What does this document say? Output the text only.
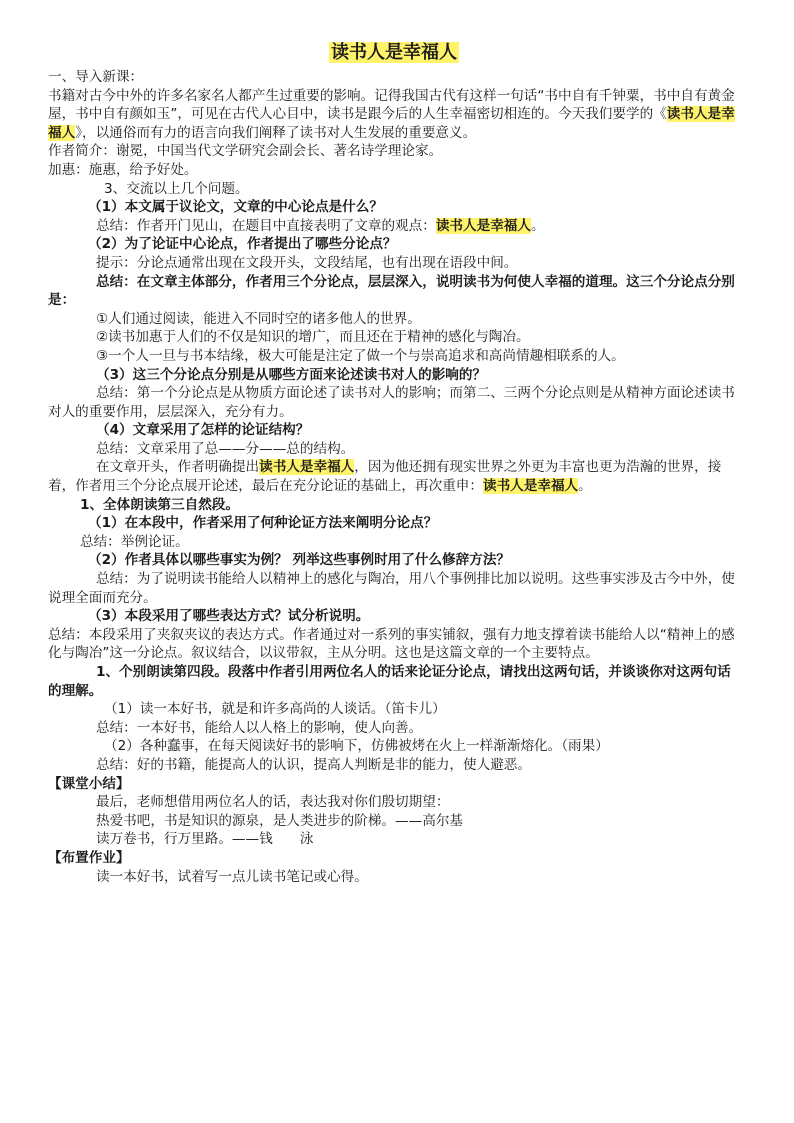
读书人是幸福人

一、导入新课：

书籍对古今中外的许多名家名人都产生过重要的影响。记得我国古代有这样一句话“书中自有千钟粟，书中自有黄金屋，书中自有颜如玉”，可见在古代人心目中，读书是跟今后的人生幸福密切相连的。今天我们要学的《读书人是幸福人》，以通俗而有力的语言向我们阐释了读书对人生发展的重要意义。

作者简介：谢冕，中国当代文学研究会副会长、著名诗学理论家。

加惠：施惠，给予好处。

3、交流以上几个问题。

（1）本文属于议论文，文章的中心论点是什么？

总结：作者开门见山，在题目中直接表明了文章的观点：读书人是幸福人。

（2）为了论证中心论点，作者提出了哪些分论点？

提示：分论点通常出现在文段开头，文段结尾，也有出现在语段中间。

总结：在文章主体部分，作者用三个分论点，层层深入，说明读书为何使人幸福的道理。这三个分论点分别是：

①人们通过阅读，能进入不同时空的诸多他人的世界。

②读书加惠于人们的不仅是知识的增广，而且还在于精神的感化与陶冶。

③一个人一旦与书本结缘，极大可能是注定了做一个与崇高追求和高尚情趣相联系的人。

（3）这三个分论点分别是从哪些方面来论述读书对人的影响的？

总结：第一个分论点是从物质方面论述了读书对人的影响；而第二、三两个分论点则是从精神方面论述读书对人的重要作用，层层深入，充分有力。

（4）文章采用了怎样的论证结构？

总结：文章采用了总——分——总的结构。

在文章开头，作者明确提出读书人是幸福人，因为他还拥有现实世界之外更为丰富也更为浩瀚的世界，接着，作者用三个分论点展开论述，最后在充分论证的基础上，再次重申：读书人是幸福人。

1、全体朗读第三自然段。

（1）在本段中，作者采用了何种论证方法来阐明分论点？

总结：举例论证。

（2）作者具体以哪些事实为例？ 列举这些事例时用了什么修辞方法？

总结：为了说明读书能给人以精神上的感化与陶冶，用八个事例排比加以说明。这些事实涉及古今中外，使说理全面而充分。

（3）本段采用了哪些表达方式？试分析说明。

总结：本段采用了夹叙夹议的表达方式。作者通过对一系列的事实铺叙，强有力地支撑着读书能给人以“精神上的感化与陶冶”这一分论点。叙议结合，以议带叙，主从分明。这也是这篇文章的一个主要特点。

1、个别朗读第四段。段落中作者引用两位名人的话来论证分论点，请找出这两句话，并谈谈你对这两句话的理解。

（1）读一本好书，就是和许多高尚的人谈话。（笛卡儿）

总结：一本好书，能给人以人格上的影响，使人向善。

（2）各种蠢事，在每天阅读好书的影响下，仿佛被烤在火上一样渐渐熔化。（雨果）

总结：好的书籍，能提高人的认识，提高人判断是非的能力，使人避恶。

【课堂小结】

最后，老师想借用两位名人的话，表达我对你们殷切期望：

热爱书吧，书是知识的源泉，是人类进步的阶梯。——高尔基

读万卷书，行万里路。——钱　　泳

【布置作业】

读一本好书，试着写一点儿读书笔记或心得。
